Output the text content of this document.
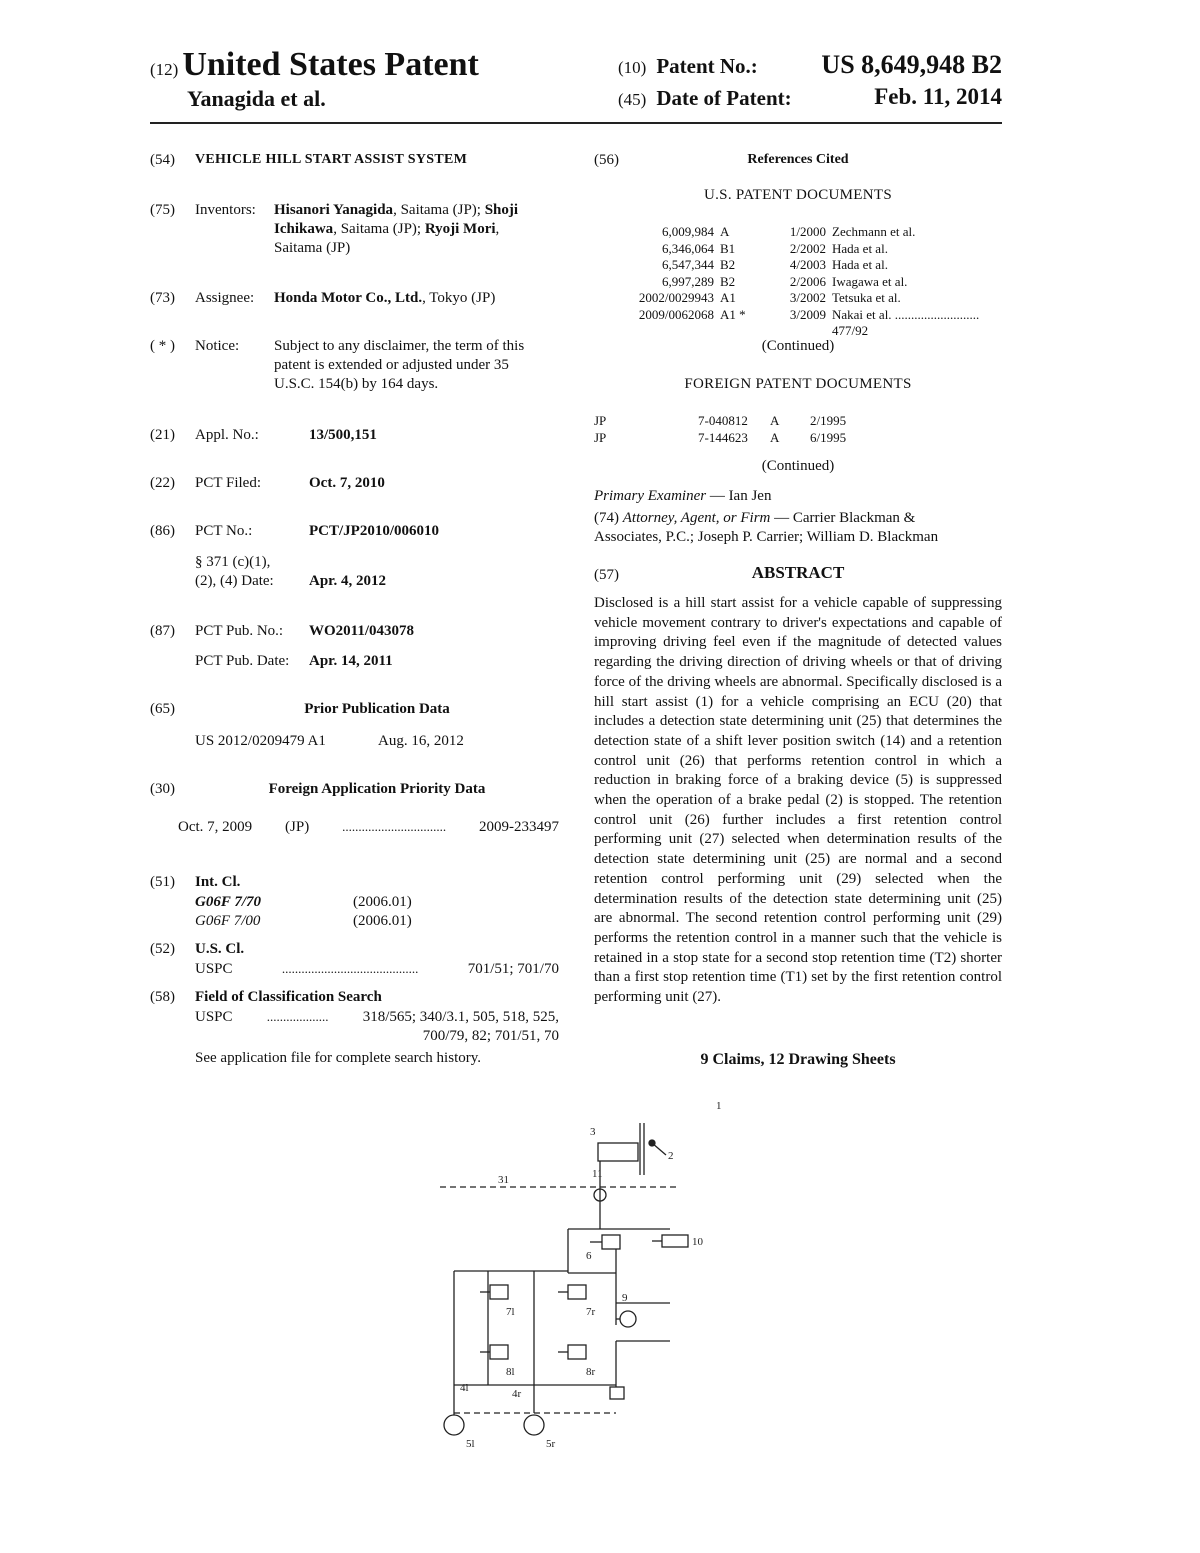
(12) United States Patent
Yanagida et al.
(10) Patent No.: US 8,649,948 B2
(45) Date of Patent:	Feb. 11, 2014
(54) VEHICLE HILL START ASSIST SYSTEM
(75) Inventors: Hisanori Yanagida, Saitama (JP); Shoji
Ichikawa, Saitama (JP); Ryoji Mori,
Saitama (JP)
(73) Assignee: Honda Motor Co., Ltd., Tokyo (JP)
( * ) Notice: Subject to any disclaimer, the term of this
patent is extended or adjusted under 35
U.S.C. 154(b) by 164 days.
(21) Appl. No.:	13/500,151
(22) PCT Filed:	Oct. 7, 2010
(86) PCT No.:	PCT/JP2010/006010
§ 371 (c)(1),
(2), (4) Date: Apr. 4, 2012
(87) PCT Pub. No.: WO2011/043078
PCT Pub. Date: Apr. 14, 2011
(65)	Prior Publication Data
US 2012/0209479 A1	Aug. 16, 2012
(30)	Foreign Application Priority Data
Oct. 7, 2009 (JP)	................................ 2009-233497
(51) Int. Cl.
G06F 7/70	(2006.01)
G06F 7/00	(2006.01)
(52) U.S. Cl.
USPC	..........................................	701/51; 701/70
(58) Field of Classification Search
USPC	................... 318/565; 340/3.1, 505, 518, 525,
700/79, 82; 701/51, 70
See application file for complete search history.
(56)	References Cited
U.S. PATENT DOCUMENTS
6,009,984 A	1/2000 Zechmann et al.
6,346,064 B1	2/2002 Hada et al.
6,547,344 B2	4/2003 Hada et al.
6,997,289 B2	2/2006 Iwagawa et al.
2002/0029943 A1	3/2002 Tetsuka et al.
2009/0062068 A1 *	3/2009 Nakai et al. .......................... 477/92
(Continued)
FOREIGN PATENT DOCUMENTS
JP	7-040812	A	2/1995
JP	7-144623	A	6/1995
(Continued)
Primary Examiner — Ian Jen
(74) Attorney, Agent, or Firm — Carrier Blackman &
Associates, P.C.; Joseph P. Carrier; William D. Blackman
(57)	ABSTRACT
Disclosed is a hill start assist for a vehicle capable of suppressing vehicle movement contrary to driver's expectations and capable of improving driving feel even if the magnitude of detected values regarding the driving direction of driving wheels or that of driving force of the driving wheels are abnormal. Specifically disclosed is a hill start assist (1) for a vehicle comprising an ECU (20) that includes a detection state determining unit (25) that determines the detection state of a shift lever position switch (14) and a retention control unit (26) that performs retention control in which a reduction in braking force of a braking device (5) is suppressed when the operation of a brake pedal (2) is stopped. The retention control unit (26) further includes a first retention control performing unit (27) selected when determination results of the detection state determining unit (25) are normal and a second retention control performing unit (29) selected when the determination results of the detection state determining unit (25) are abnormal. The second retention control performing unit (29) performs the retention control in a manner such that the vehicle is retained in a stop state for a second stop retention time (T2) shorter than a first stop retention time (T1) set by the first retention control performing unit (27).
9 Claims, 12 Drawing Sheets
1
2
3
11
31
6
10
7l	7r
8l	8r
9
4l	4r
5l	5r
